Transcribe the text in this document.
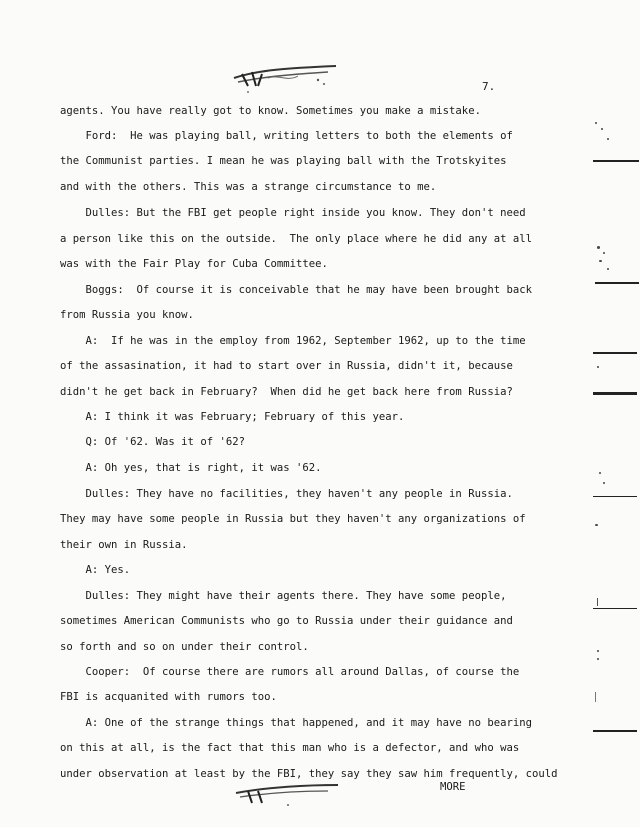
7.

agents. You have really got to know. Sometimes you make a mistake.

Ford:  He was playing ball, writing letters to both the elements of

the Communist parties. I mean he was playing ball with the Trotskyites

and with the others. This was a strange circumstance to me.

Dulles: But the FBI get people right inside you know. They don't need

a person like this on the outside.  The only place where he did any at all

was with the Fair Play for Cuba Committee.

Boggs:  Of course it is conceivable that he may have been brought back

from Russia you know.

A:  If he was in the employ from 1962, September 1962, up to the time

of the assasination, it had to start over in Russia, didn't it, because

didn't he get back in February?  When did he get back here from Russia?

A: I think it was February; February of this year.

Q: Of '62. Was it of '62?

A: Oh yes, that is right, it was '62.

Dulles: They have no facilities, they haven't any people in Russia.

They may have some people in Russia but they haven't any organizations of

their own in Russia.

A: Yes.

Dulles: They might have their agents there. They have some people,

sometimes American Communists who go to Russia under their guidance and

so forth and so on under their control.

Cooper:  Of course there are rumors all around Dallas, of course the

FBI is acquanited with rumors too.

A: One of the strange things that happened, and it may have no bearing

on this at all, is the fact that this man who is a defector, and who was

under observation at least by the FBI, they say they saw him frequently, could

MORE
